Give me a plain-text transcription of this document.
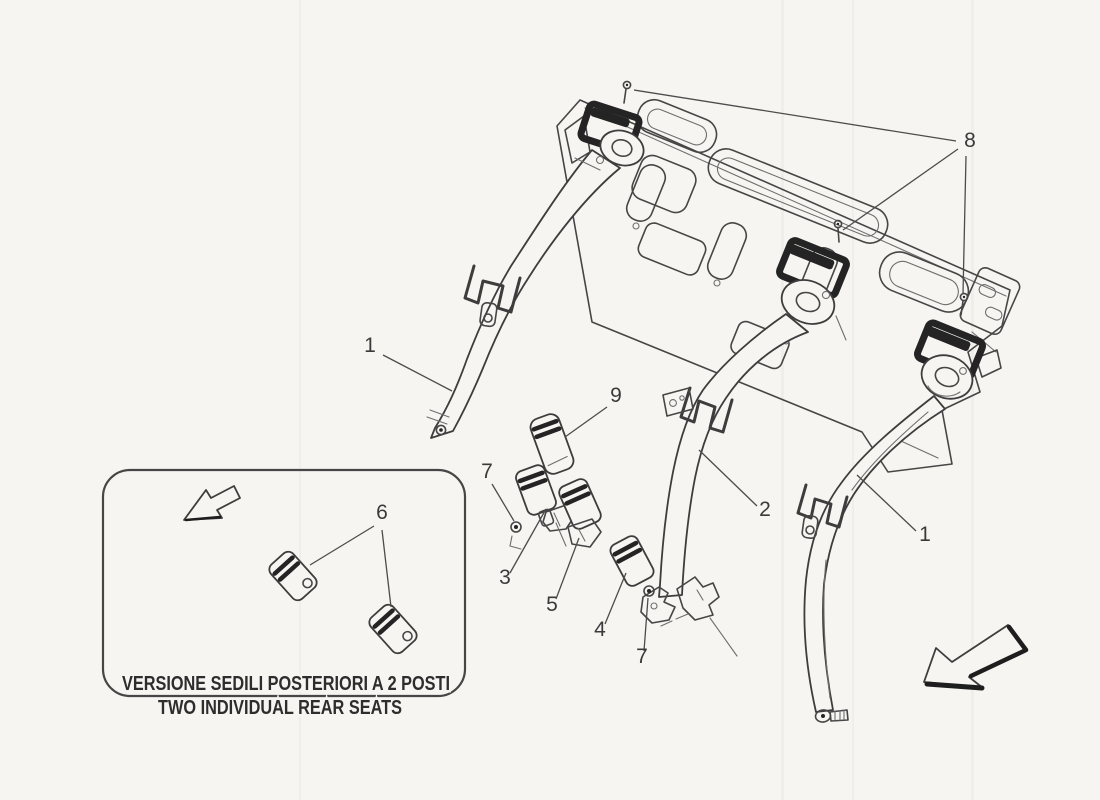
1
8
9
7
3
5
4
7
2
1
6
VERSIONE SEDILI POSTERIORI A 2 POSTI
TWO INDIVIDUAL REAR SEATS
